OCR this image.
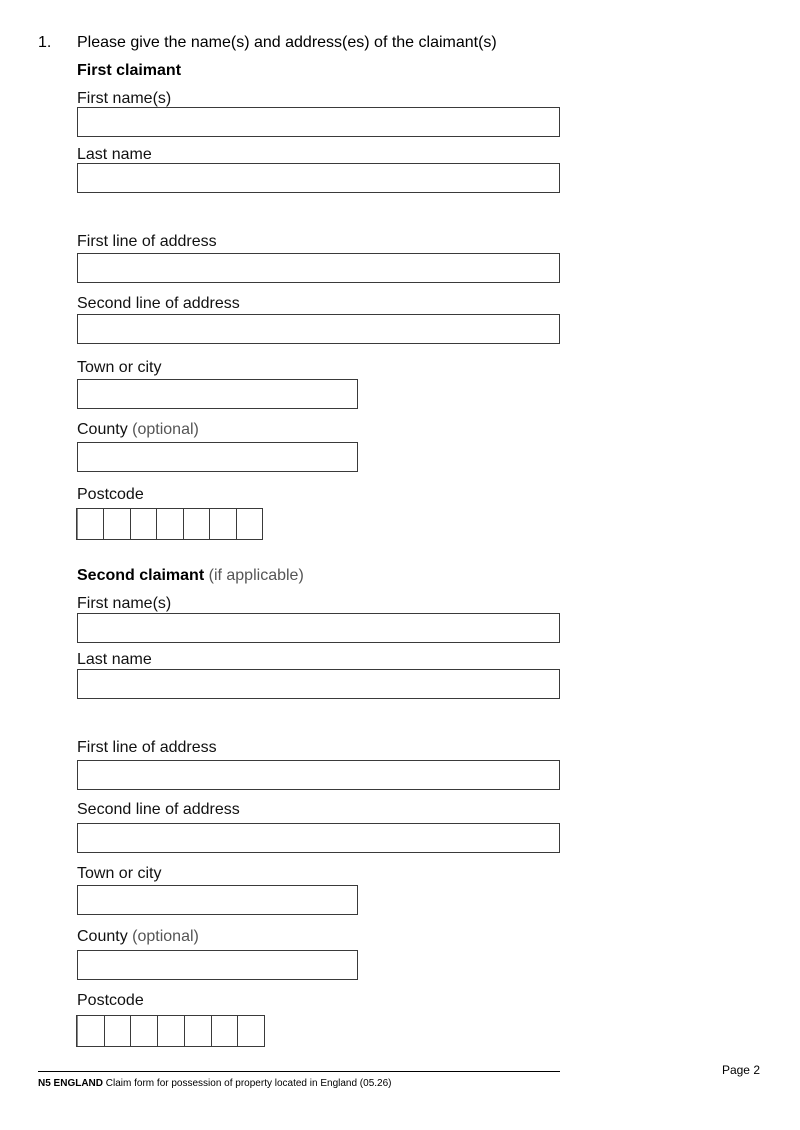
1. Please give the name(s) and address(es) of the claimant(s)
First claimant
First name(s)
Last name
First line of address
Second line of address
Town or city
County (optional)
Postcode
Second claimant (if applicable)
First name(s)
Last name
First line of address
Second line of address
Town or city
County (optional)
Postcode
Page 2
N5 ENGLAND Claim form for possession of property located in England (05.26)
